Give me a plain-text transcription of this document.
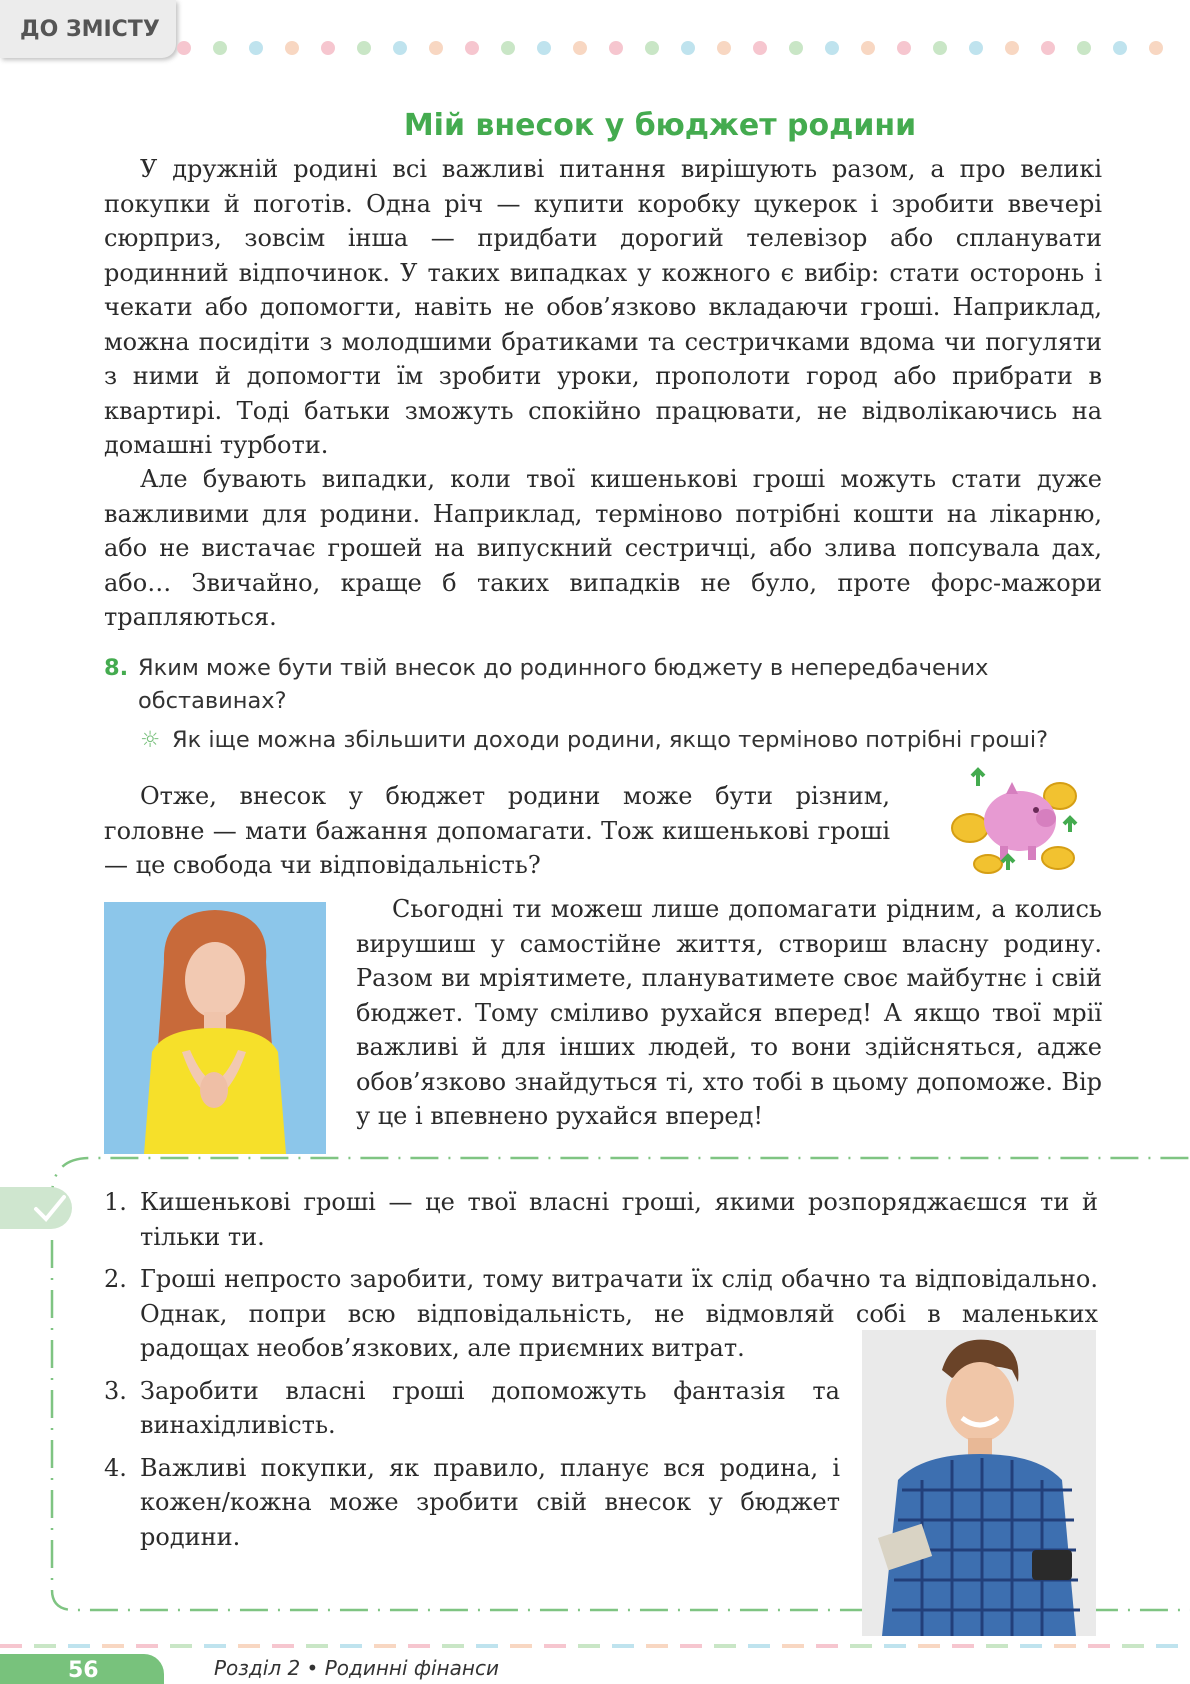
ДО ЗМІСТУ
Мій внесок у бюджет родини

У дружній родині всі важливі питання вирішують разом, а про великі покупки й поготів. Одна річ — купити коробку цукерок і зробити ввечері сюрприз, зовсім інша — придбати дорогий телевізор або спланувати родинний відпочинок. У таких випадках у кожного є вибір: стати осторонь і чекати або допомогти, навіть не обов’язково вкладаючи гроші. Наприклад, можна посидіти з молодшими братиками та сестричками вдома чи погуляти з ними й допомогти їм зробити уроки, прополоти город або прибрати в квартирі. Тоді батьки зможуть спокійно працювати, не відволікаючись на домашні турботи.

Але бувають випадки, коли твої кишенькові гроші можуть стати дуже важливими для родини. Наприклад, терміново потрібні кошти на лікарню, або не вистачає грошей на випускний сестричці, або злива попсувала дах, або… Звичайно, краще б таких випадків не було, проте форс-мажори трапляються.

8. Яким може бути твій внесок до родинного бюджету в непередбачених обставинах?
☼ Як іще можна збільшити доходи родини, якщо терміново потрібні гроші?

Отже, внесок у бюджет родини може бути різним, головне — мати бажання допомагати. Тож кишенькові гроші — це свобода чи відповідальність?

Сьогодні ти можеш лише допомагати рідним, а колись вирушиш у самостійне життя, створиш власну родину. Разом ви мріятимете, плануватимете своє майбутнє і свій бюджет. Тому сміливо рухайся вперед! А якщо твої мрії важливі й для інших людей, то вони здійсняться, адже обов’язково знайдуться ті, хто тобі в цьому допоможе. Вір у це і впевнено рухайся вперед!

1. Кишенькові гроші — це твої власні гроші, якими розпоряджаєшся ти й тільки ти.
2. Гроші непросто заробити, тому витрачати їх слід обачно та відповідально. Однак, попри всю відповідальність, не відмовляй собі в маленьких радощах необов’язкових, але приємних витрат.
3. Заробити власні гроші допоможуть фантазія та винахідливість.
4. Важливі покупки, як правило, планує вся родина, і кожен/кожна може зробити свій внесок у бюджет родини.
56	Розділ 2 • Родинні фінанси
